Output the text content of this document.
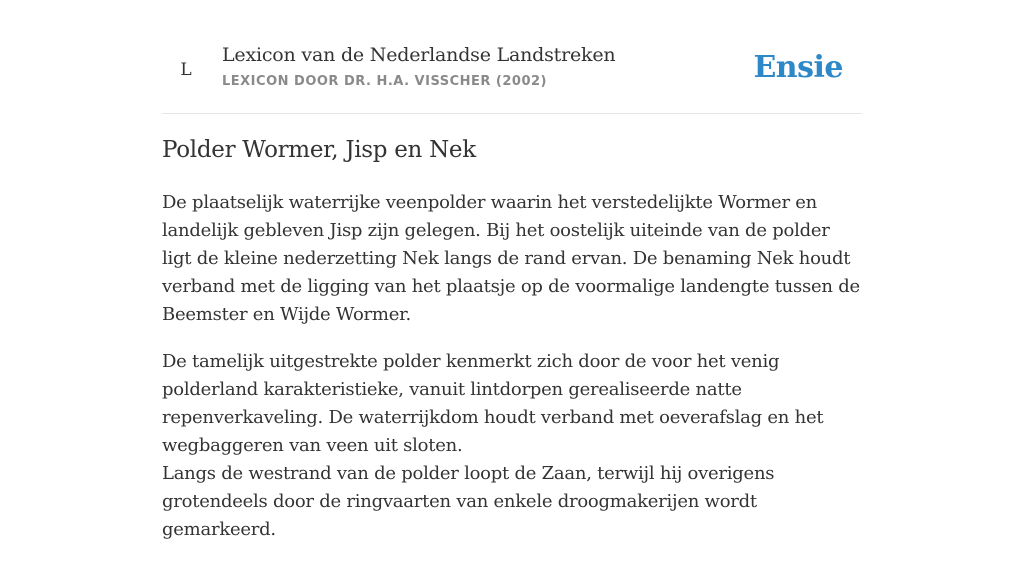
L
Lexicon van de Nederlandse Landstreken
LEXICON DOOR DR. H.A. VISSCHER (2002)	Ensie
Polder Wormer, Jisp en Nek

De plaatselijk waterrijke veenpolder waarin het verstedelijkte Wormer en landelijk gebleven Jisp zijn gelegen. Bij het oostelijk uiteinde van de polder ligt de kleine nederzetting Nek langs de rand ervan. De benaming Nek houdt verband met de ligging van het plaatsje op de voormalige landengte tussen de Beemster en Wijde Wormer.

De tamelijk uitgestrekte polder kenmerkt zich door de voor het venig polderland karakteristieke, vanuit lintdorpen gerealiseerde natte repenverkaveling. De waterrijkdom houdt verband met oeverafslag en het wegbaggeren van veen uit sloten.

Langs de westrand van de polder loopt de Zaan, terwijl hij overigens grotendeels door de ringvaarten van enkele droogmakerijen wordt gemarkeerd.
